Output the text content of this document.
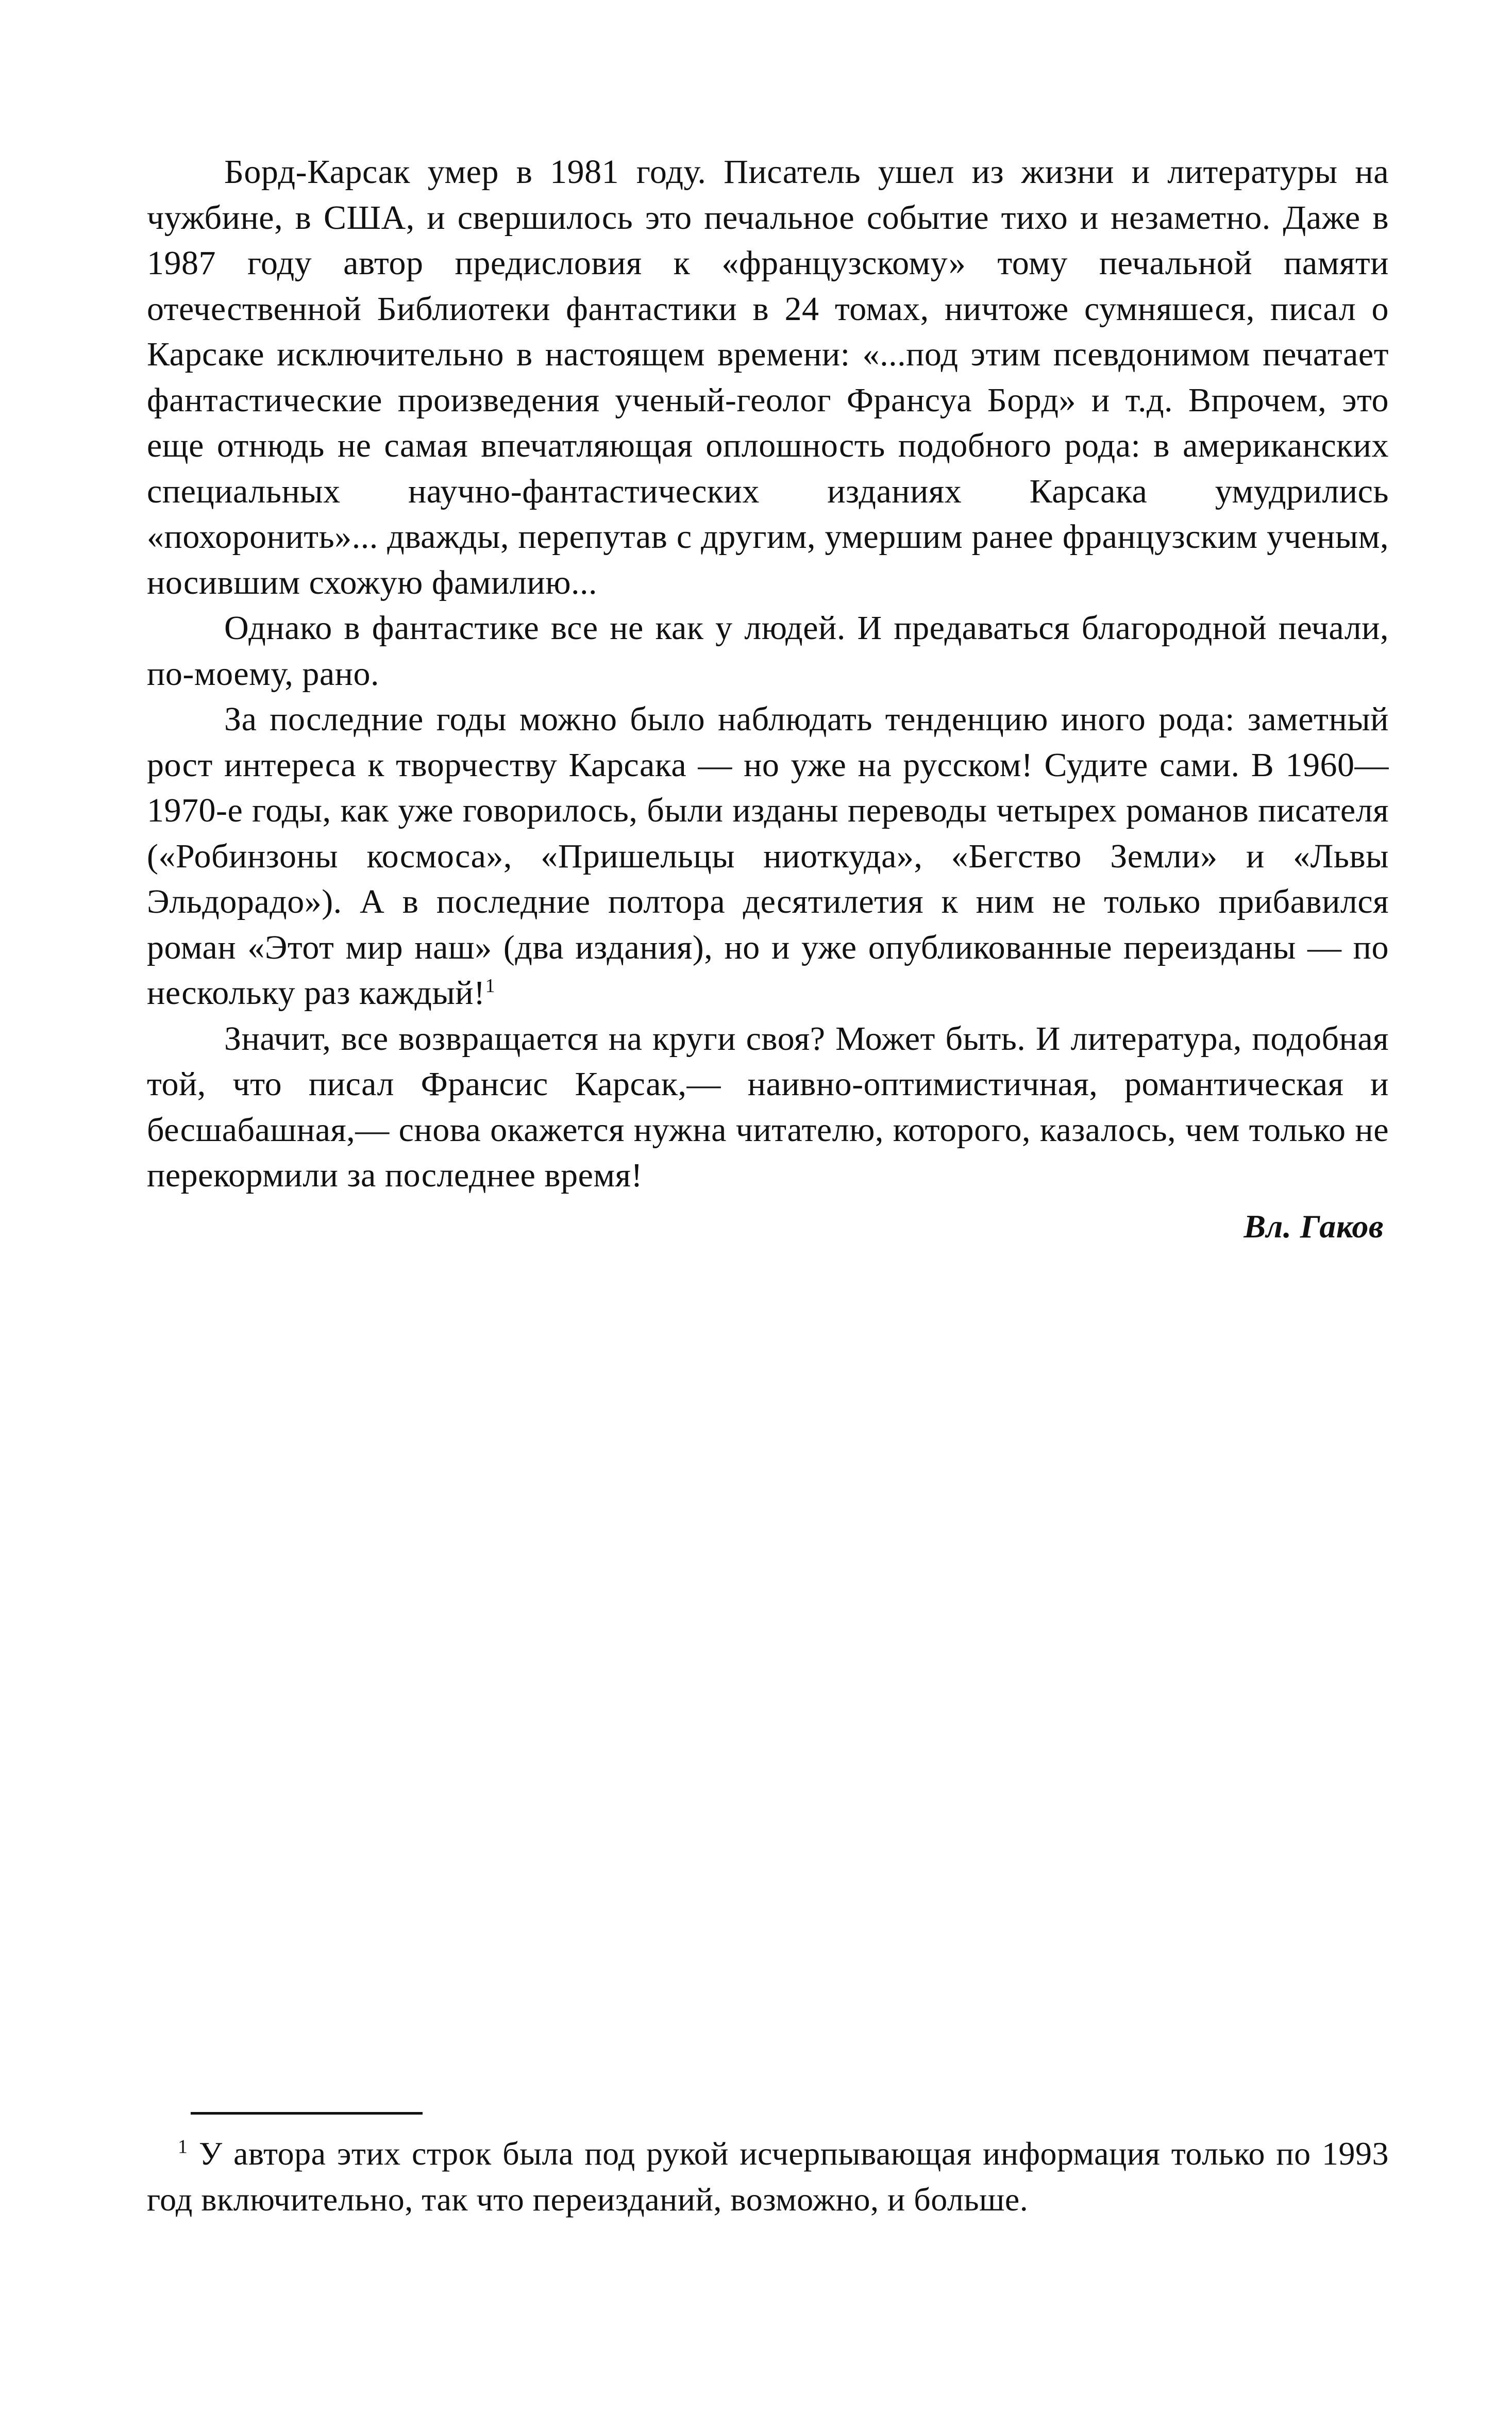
Борд-Карсак умер в 1981 году. Писатель ушел из жизни и литературы на чужбине, в США, и свершилось это печальное событие тихо и незаметно. Даже в 1987 году автор предисловия к «французскому» тому печальной памяти отечественной Библиотеки фантастики в 24 томах, ничтоже сумняшеся, писал о Карсаке исключительно в настоящем времени: «...под этим псевдонимом печатает фантастические произведения ученый-геолог Франсуа Борд» и т.д. Впрочем, это еще отнюдь не самая впечатляющая оплошность подобного рода: в американских специальных научно-фантастических изданиях Карсака умудрились «похоронить»... дважды, перепутав с другим, умершим ранее французским ученым, носившим схожую фамилию...

Однако в фантастике все не как у людей. И предаваться благородной печали, по-моему, рано.

За последние годы можно было наблюдать тенденцию иного рода: заметный рост интереса к творчеству Карсака — но уже на русском! Судите сами. В 1960—1970-е годы, как уже говорилось, были изданы переводы четырех романов писателя («Робинзоны космоса», «Пришельцы ниоткуда», «Бегство Земли» и «Львы Эльдорадо»). А в последние полтора десятилетия к ним не только прибавился роман «Этот мир наш» (два издания), но и уже опубликованные переизданы — по нескольку раз каждый!$^1$

Значит, все возвращается на круги своя? Может быть. И литература, подобная той, что писал Франсис Карсак,— наивно-оптимистичная, романтическая и бесшабашная,— снова окажется нужна читателю, которого, казалось, чем только не перекормили за последнее время!

Вл. Гаков

$^1$ У автора этих строк была под рукой исчерпывающая информация только по 1993 год включительно, так что переизданий, возможно, и больше.
